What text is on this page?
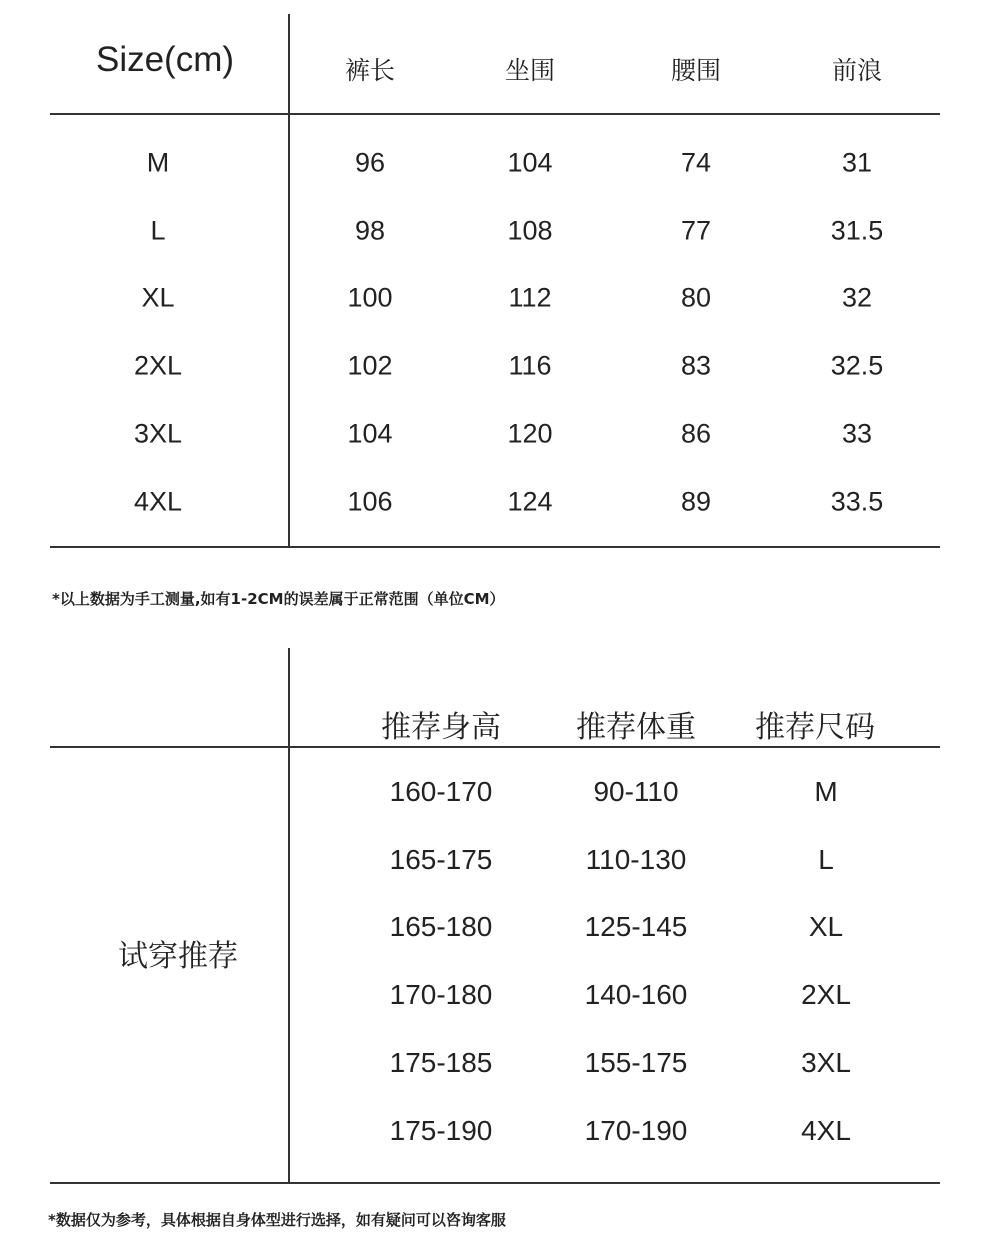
Size(cm)	裤长	坐围	腰围	前浪
M	96	104	74	31
L	98	108	77	31.5
XL	100	112	80	32
2XL	102	116	83	32.5
3XL	104	120	86	33
4XL	106	124	89	33.5
*以上数据为手工测量,如有1-2CM的误差属于正常范围（单位CM）
试穿推荐
推荐身高	推荐体重 推荐尺码
160-170	90-110	M
165-175	110-130	L
165-180	125-145	XL
170-180	140-160	2XL
175-185	155-175	3XL
175-190	170-190	4XL
*数据仅为参考，具体根据自身体型进行选择，如有疑问可以咨询客服
